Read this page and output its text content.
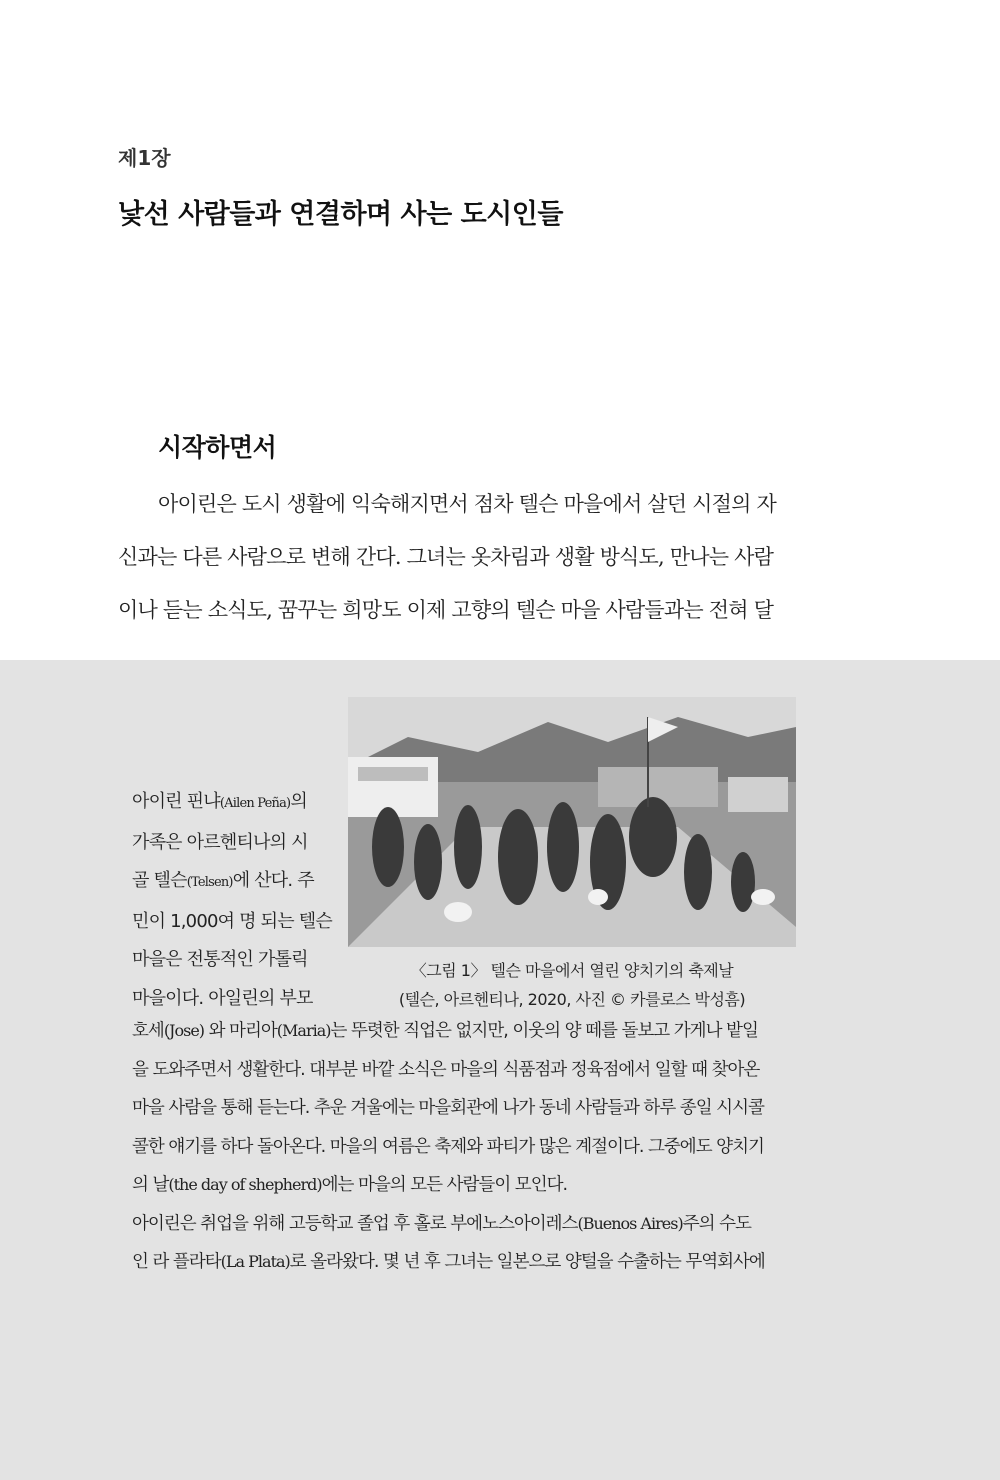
제1장
낯선 사람들과 연결하며 사는 도시인들
시작하면서

아이린은 도시 생활에 익숙해지면서 점차 텔슨 마을에서 살던 시절의 자
신과는 다른 사람으로 변해 간다. 그녀는 옷차림과 생활 방식도, 만나는 사람
이나 듣는 소식도, 꿈꾸는 희망도 이제 고향의 텔슨 마을 사람들과는 전혀 달

〈그림 1〉 텔슨 마을에서 열린 양치기의 축제날
(텔슨, 아르헨티나, 2020, 사진 © 카를로스 박성흠)
아이린 핀냐(Ailen Peña)의
가족은 아르헨티나의 시
골 텔슨(Telsen)에 산다. 주
민이 1,000여 명 되는 텔슨
마을은 전통적인 가톨릭
마을이다. 아일린의 부모

호세(Jose) 와 마리아(Maria)는 뚜렷한 직업은 없지만, 이웃의 양 떼를 돌보고 가게나 밭일
을 도와주면서 생활한다. 대부분 바깥 소식은 마을의 식품점과 정육점에서 일할 때 찾아온
마을 사람을 통해 듣는다. 추운 겨울에는 마을회관에 나가 동네 사람들과 하루 종일 시시콜
콜한 얘기를 하다 돌아온다. 마을의 여름은 축제와 파티가 많은 계절이다. 그중에도 양치기
의 날(the day of shepherd)에는 마을의 모든 사람들이 모인다.

아이린은 취업을 위해 고등학교 졸업 후 홀로 부에노스아이레스(Buenos Aires)주의 수도
인 라 플라타(La Plata)로 올라왔다. 몇 년 후 그녀는 일본으로 양털을 수출하는 무역회사에
